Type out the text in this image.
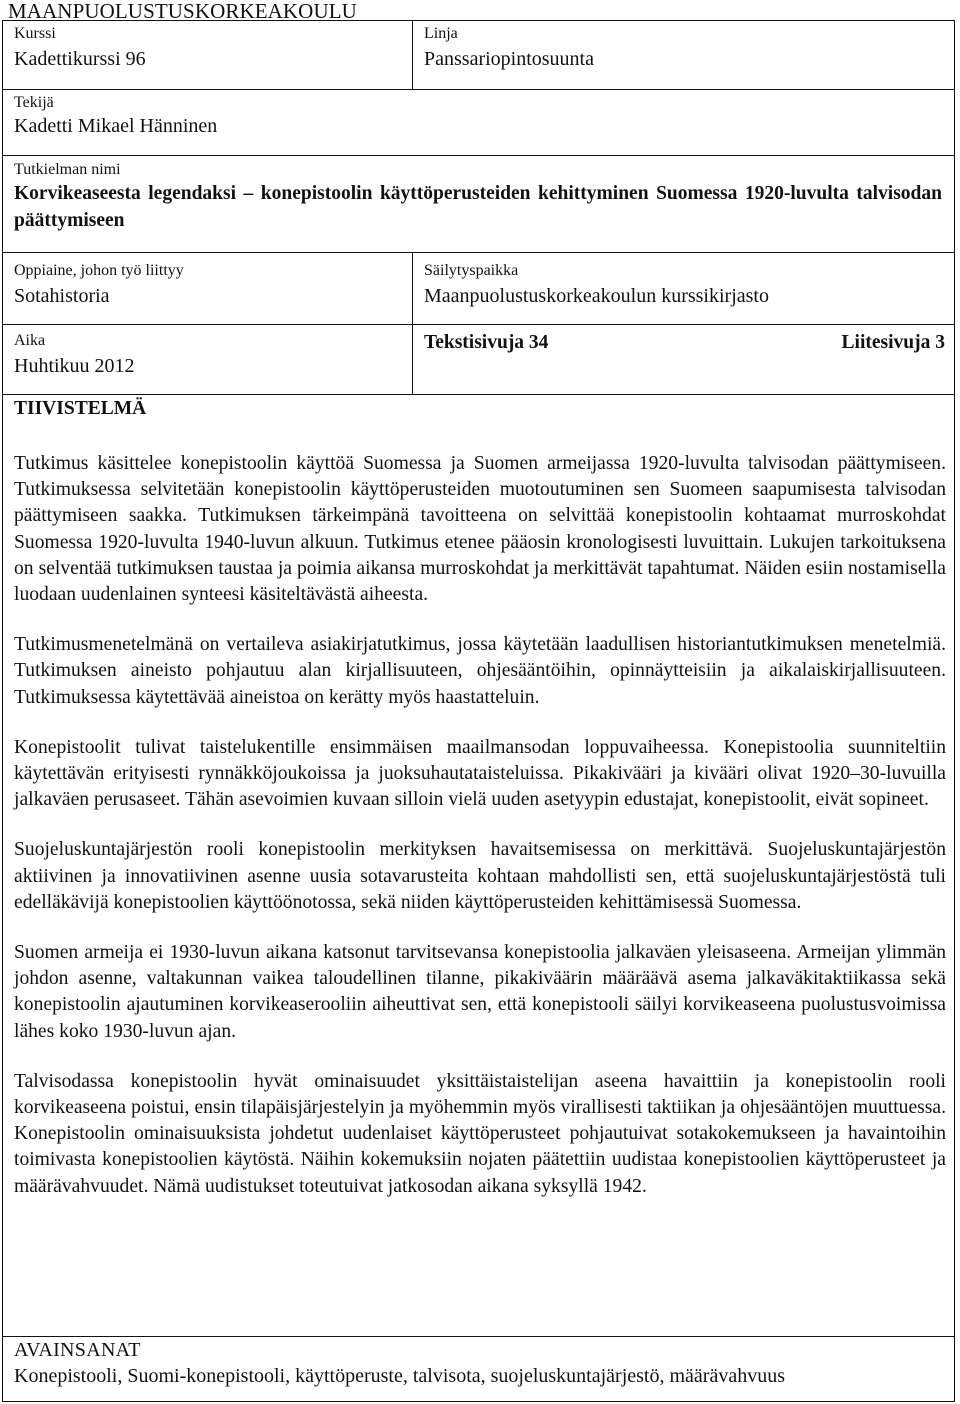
MAANPUOLUSTUSKORKEAKOULU
Kurssi
Kadettikurssi 96
Linja
Panssariopintosuunta
Tekijä
Kadetti Mikael Hänninen
Tutkielman nimi
Korvikeaseesta legendaksi – konepistoolin käyttöperusteiden kehittyminen Suomessa 1920-luvulta talvisodan päättymiseen
Oppiaine, johon työ liittyy
Sotahistoria
Säilytyspaikka
Maanpuolustuskorkeakoulun kurssikirjasto
Aika
Huhtikuu 2012
Tekstisivuja 34	Liitesivuja 3
TIIVISTELMÄ

Tutkimus käsittelee konepistoolin käyttöä Suomessa ja Suomen armeijassa 1920-luvulta talvisodan päättymiseen. Tutkimuksessa selvitetään konepistoolin käyttöperusteiden muotoutuminen sen Suomeen saapumisesta talvisodan päättymiseen saakka. Tutkimuksen tärkeimpänä tavoitteena on selvittää konepistoolin kohtaamat murroskohdat Suomessa 1920-luvulta 1940-luvun alkuun. Tutkimus etenee pääosin kronologisesti luvuittain. Lukujen tarkoituksena on selventää tutkimuksen taustaa ja poimia aikansa murroskohdat ja merkittävät tapahtumat. Näiden esiin nostamisella luodaan uudenlainen synteesi käsiteltävästä aiheesta.

Tutkimusmenetelmänä on vertaileva asiakirjatutkimus, jossa käytetään laadullisen historiantutkimuksen menetelmiä. Tutkimuksen aineisto pohjautuu alan kirjallisuuteen, ohjesääntöihin, opinnäytteisiin ja aikalaiskirjallisuuteen. Tutkimuksessa käytettävää aineistoa on kerätty myös haastatteluin.

Konepistoolit tulivat taistelukentille ensimmäisen maailmansodan loppuvaiheessa. Konepistoolia suunniteltiin käytettävän erityisesti rynnäkköjoukoissa ja juoksuhautataisteluissa. Pikakivääri ja kivääri olivat 1920–30-luvuilla jalkaväen perusaseet. Tähän asevoimien kuvaan silloin vielä uuden asetyypin edustajat, konepistoolit, eivät sopineet.

Suojeluskuntajärjestön rooli konepistoolin merkityksen havaitsemisessa on merkittävä. Suojeluskuntajärjestön aktiivinen ja innovatiivinen asenne uusia sotavarusteita kohtaan mahdollisti sen, että suojeluskuntajärjestöstä tuli edelläkävijä konepistoolien käyttöönotossa, sekä niiden käyttöperusteiden kehittämisessä Suomessa.

Suomen armeija ei 1930-luvun aikana katsonut tarvitsevansa konepistoolia jalkaväen yleisaseena. Armeijan ylimmän johdon asenne, valtakunnan vaikea taloudellinen tilanne, pikakiväärin määräävä asema jalkaväkitaktiikassa sekä konepistoolin ajautuminen korvikeaserooliin aiheuttivat sen, että konepistooli säilyi korvikeaseena puolustusvoimissa lähes koko 1930-luvun ajan.

Talvisodassa konepistoolin hyvät ominaisuudet yksittäistaistelijan aseena havaittiin ja konepistoolin rooli korvikeaseena poistui, ensin tilapäisjärjestelyin ja myöhemmin myös virallisesti taktiikan ja ohjesääntöjen muuttuessa. Konepistoolin ominaisuuksista johdetut uudenlaiset käyttöperusteet pohjautuivat sotakokemukseen ja havaintoihin toimivasta konepistoolien käytöstä. Näihin kokemuksiin nojaten päätettiin uudistaa konepistoolien käyttöperusteet ja määrävahvuudet. Nämä uudistukset toteutuivat jatkosodan aikana syksyllä 1942.

AVAINSANAT
Konepistooli, Suomi-konepistooli, käyttöperuste, talvisota, suojeluskuntajärjestö, määrävahvuus
